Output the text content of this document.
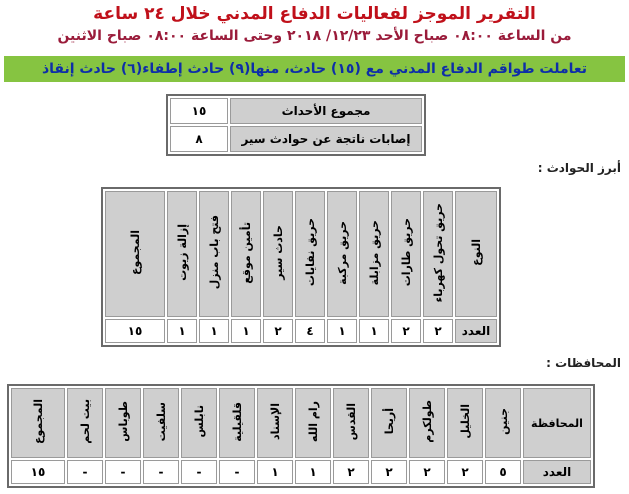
التقرير الموجز لفعاليات الدفاع المدني خلال ٢٤ ساعة
من الساعة ٠٨:٠٠ صباح الأحد ١٢/٢٣/ ٢٠١٨ وحتى الساعة ٠٨:٠٠ صباح الاثنين
تعاملت طواقم الدفاع المدني مع (١٥) حادث، منها(٩) حادث إطفاء(٦) حادث إنقاذ
مجموع الأحداث	١٥
إصابات ناتجة عن حوادث سير	٨
أبرز الحوادث :
النوع	حريق تحول كهرباء	حريق طارات	حريق مزابلة	حريق مركبة	حريق نفايات	حادث سير	تأمين موقع	فتح باب منزل	إزالة زيوت	المجموع
العدد	٢	٢	١	١	٤	٢	١	١	١	١٥
المحافظات :
المحافظة	جنين	الخليل	طولكرم	أريحا	القدس	رام الله	الإسناد	قلقيلية	نابلس	سلفيت	طوباس	بيت لحم	المجموع
العدد	٥	٢	٢	٢	٢	١	١	-	-	-	-	-	١٥
